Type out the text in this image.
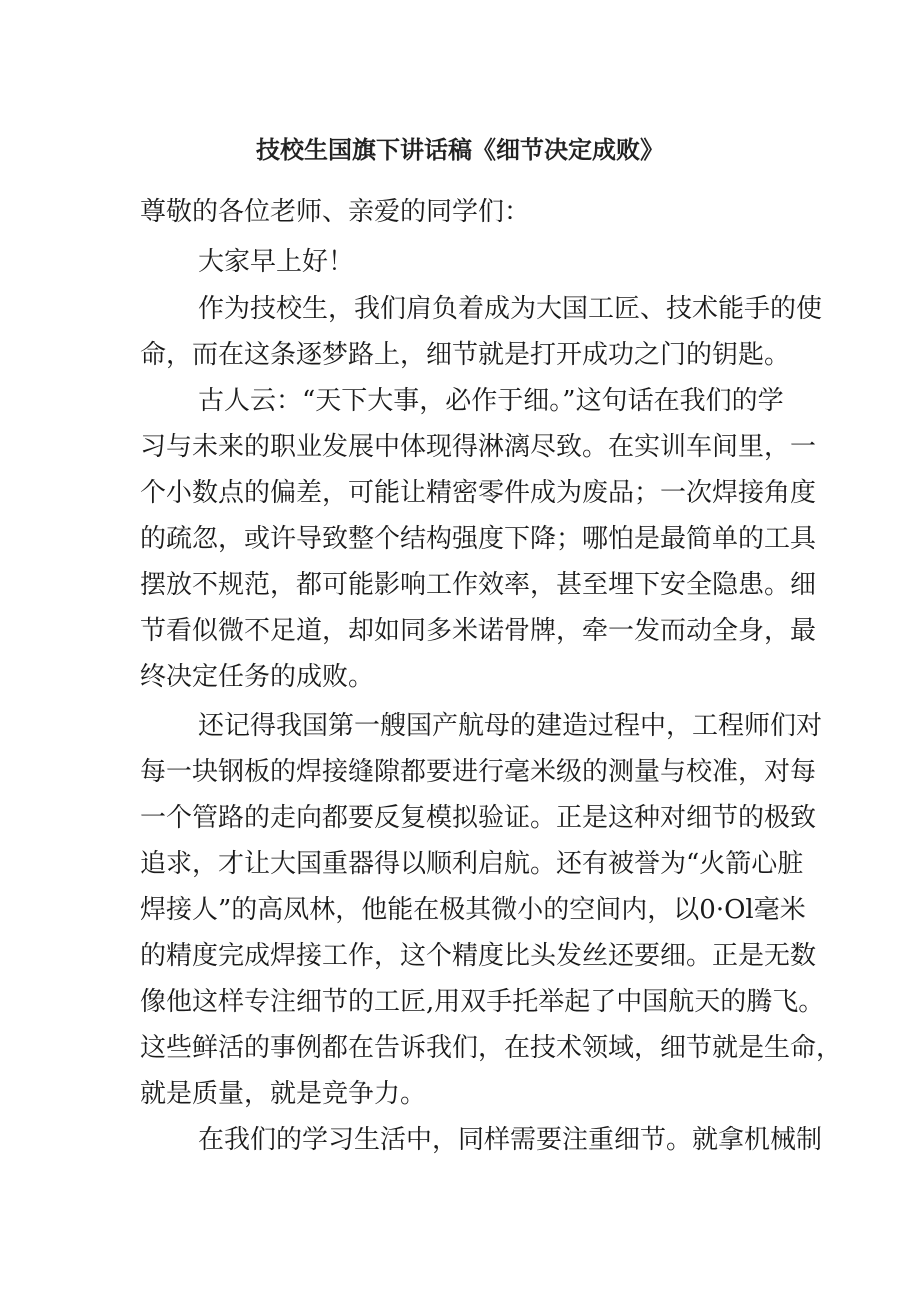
技校生国旗下讲话稿《细节决定成败》
尊敬的各位老师、亲爱的同学们：
大家早上好！
作为技校生，我们肩负着成为大国工匠、技术能手的使
命，而在这条逐梦路上，细节就是打开成功之门的钥匙。
古人云：“天下大事，必作于细。”这句话在我们的学
习与未来的职业发展中体现得淋漓尽致。在实训车间里，一
个小数点的偏差，可能让精密零件成为废品；一次焊接角度
的疏忽，或许导致整个结构强度下降；哪怕是最简单的工具
摆放不规范，都可能影响工作效率，甚至埋下安全隐患。细
节看似微不足道，却如同多米诺骨牌，牵一发而动全身，最
终决定任务的成败。
还记得我国第一艘国产航母的建造过程中，工程师们对
每一块钢板的焊接缝隙都要进行毫米级的测量与校准，对每
一个管路的走向都要反复模拟验证。正是这种对细节的极致
追求，才让大国重器得以顺利启航。还有被誉为“火箭心脏
焊接人”的高凤林，他能在极其微小的空间内，以0·Ol毫米
的精度完成焊接工作，这个精度比头发丝还要细。正是无数
像他这样专注细节的工匠,用双手托举起了中国航天的腾飞。
这些鲜活的事例都在告诉我们，在技术领域，细节就是生命，
就是质量，就是竞争力。
在我们的学习生活中，同样需要注重细节。就拿机械制
